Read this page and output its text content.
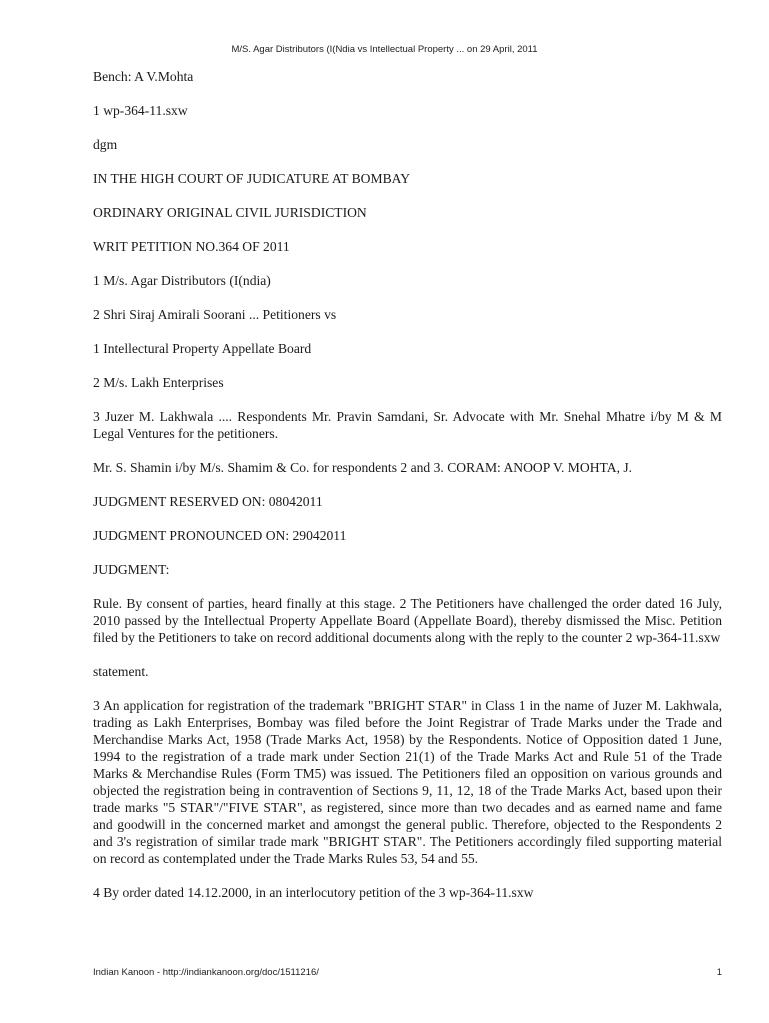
M/S. Agar Distributors (I(Ndia vs Intellectual Property ... on 29 April, 2011

Bench: A V.Mohta

1 wp-364-11.sxw

dgm

IN THE HIGH COURT OF JUDICATURE AT BOMBAY

ORDINARY ORIGINAL CIVIL JURISDICTION

WRIT PETITION NO.364 OF 2011

1 M/s. Agar Distributors (I(ndia)

2 Shri Siraj Amirali Soorani ... Petitioners vs

1 Intellectural Property Appellate Board

2 M/s. Lakh Enterprises

3 Juzer M. Lakhwala .... Respondents Mr. Pravin Samdani, Sr. Advocate with Mr. Snehal Mhatre i/by M & M Legal Ventures for the petitioners.

Mr. S. Shamin i/by M/s. Shamim & Co. for respondents 2 and 3. CORAM: ANOOP V. MOHTA, J.

JUDGMENT RESERVED ON: 08042011

JUDGMENT PRONOUNCED ON: 29042011

JUDGMENT:

Rule. By consent of parties, heard finally at this stage. 2 The Petitioners have challenged the order dated 16 July, 2010 passed by the Intellectual Property Appellate Board (Appellate Board), thereby dismissed the Misc. Petition filed by the Petitioners to take on record additional documents along with the reply to the counter 2 wp-364-11.sxw

statement.

3 An application for registration of the trademark "BRIGHT STAR" in Class 1 in the name of Juzer M. Lakhwala, trading as Lakh Enterprises, Bombay was filed before the Joint Registrar of Trade Marks under the Trade and Merchandise Marks Act, 1958 (Trade Marks Act, 1958) by the Respondents. Notice of Opposition dated 1 June, 1994 to the registration of a trade mark under Section 21(1) of the Trade Marks Act and Rule 51 of the Trade Marks & Merchandise Rules (Form TM5) was issued. The Petitioners filed an opposition on various grounds and objected the registration being in contravention of Sections 9, 11, 12, 18 of the Trade Marks Act, based upon their trade marks "5 STAR"/"FIVE STAR", as registered, since more than two decades and as earned name and fame and goodwill in the concerned market and amongst the general public. Therefore, objected to the Respondents 2 and 3's registration of similar trade mark "BRIGHT STAR". The Petitioners accordingly filed supporting material on record as contemplated under the Trade Marks Rules 53, 54 and 55.

4 By order dated 14.12.2000, in an interlocutory petition of the 3 wp-364-11.sxw

Indian Kanoon - http://indiankanoon.org/doc/1511216/	1
